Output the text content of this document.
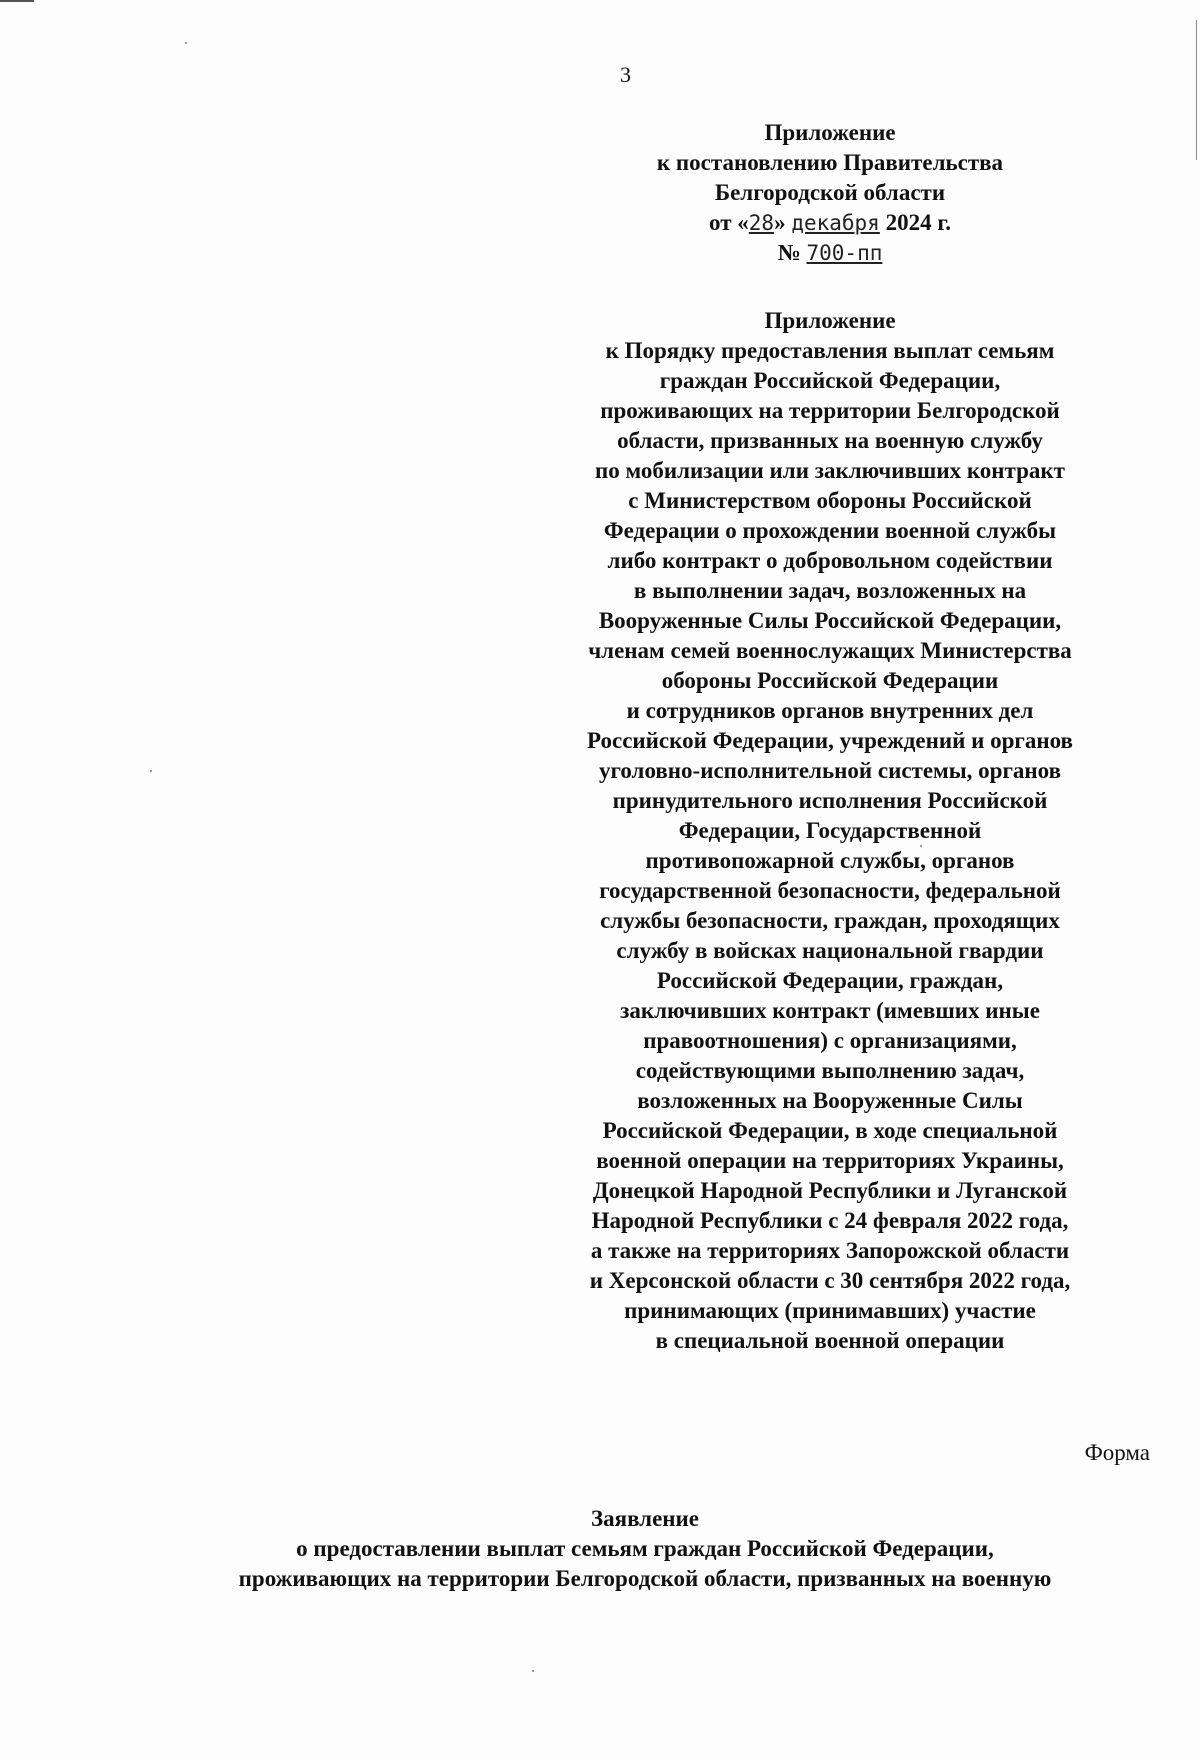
3
Приложение
к постановлению Правительства
Белгородской области
от «28» декабря 2024 г.
№ 700-пп
Приложение
к Порядку предоставления выплат семьям
граждан Российской Федерации,
проживающих на территории Белгородской
области, призванных на военную службу
по мобилизации или заключивших контракт
с Министерством обороны Российской
Федерации о прохождении военной службы
либо контракт о добровольном содействии
в выполнении задач, возложенных на
Вооруженные Силы Российской Федерации,
членам семей военнослужащих Министерства
обороны Российской Федерации
и сотрудников органов внутренних дел
Российской Федерации, учреждений и органов
уголовно-исполнительной системы, органов
принудительного исполнения Российской
Федерации, Государственной
противопожарной службы, органов
государственной безопасности, федеральной
службы безопасности, граждан, проходящих
службу в войсках национальной гвардии
Российской Федерации, граждан,
заключивших контракт (имевших иные
правоотношения) с организациями,
содействующими выполнению задач,
возложенных на Вооруженные Силы
Российской Федерации, в ходе специальной
военной операции на территориях Украины,
Донецкой Народной Республики и Луганской
Народной Республики с 24 февраля 2022 года,
а также на территориях Запорожской области
и Херсонской области с 30 сентября 2022 года,
принимающих (принимавших) участие
в специальной военной операции
Форма
Заявление
о предоставлении выплат семьям граждан Российской Федерации,
проживающих на территории Белгородской области, призванных на военную
